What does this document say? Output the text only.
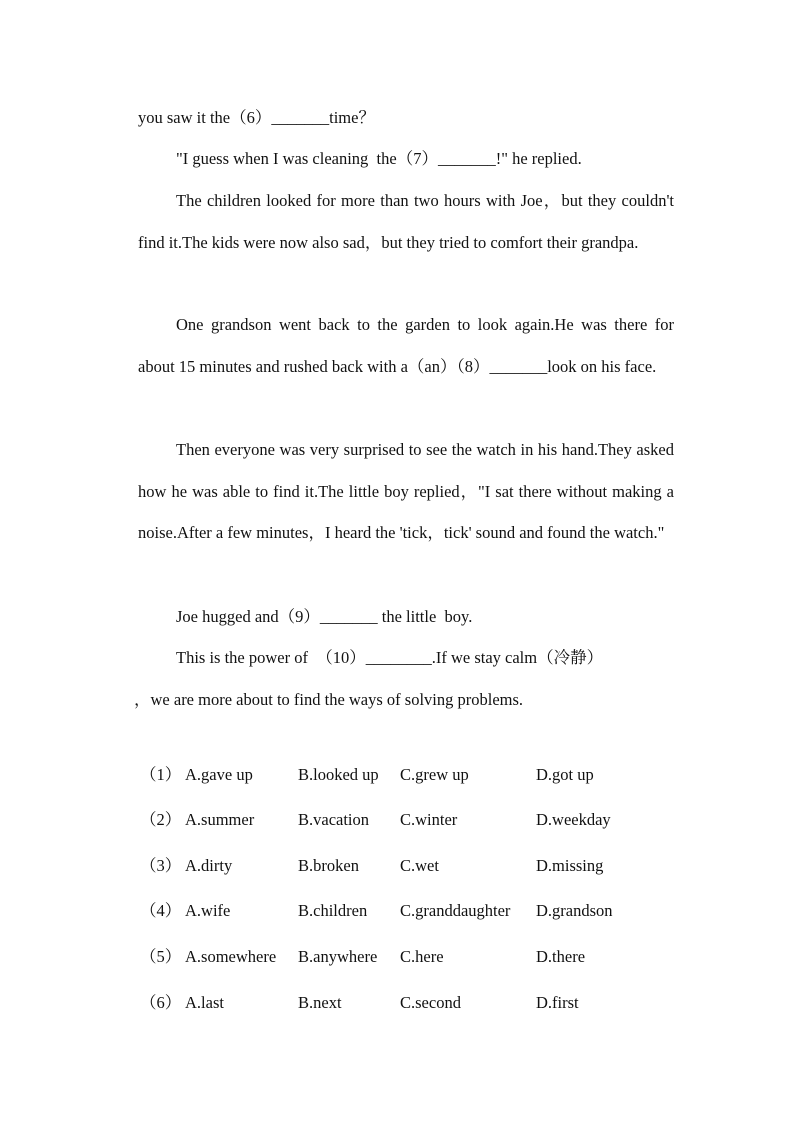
you saw it the（6）_______time？
"I guess when I was cleaning  the（7）_______!" he replied.

The children looked for more than two hours with Joe，but they couldn't find it.The kids were now also sad，but they tried to comfort their grandpa.

One grandson went back to the garden to look again.He was there for about 15 minutes and rushed back with a（an）（8）_______look on his face.

Then everyone was very surprised to see the watch in his hand.They asked how he was able to find it.The little boy replied，"I sat there without making a noise.After a few minutes，I heard the 'tick，tick' sound and found the watch."

Joe hugged and（9）_______ the little  boy.
This is the power of  （10）________.If we stay calm（冷静）
，we are more about to find the ways of solving problems.
（1） A.gave up	B.looked up C.grew up	D.got up
（2） A.summer	B.vacation C.winter	D.weekday
（3） A.dirty	B.broken C.wet	D.missing
（4） A.wife	B.children C.granddaughter D.grandson
（5） A.somewhere B.anywhere C.here	D.there
（6） A.last	B.next	C.second	D.first
